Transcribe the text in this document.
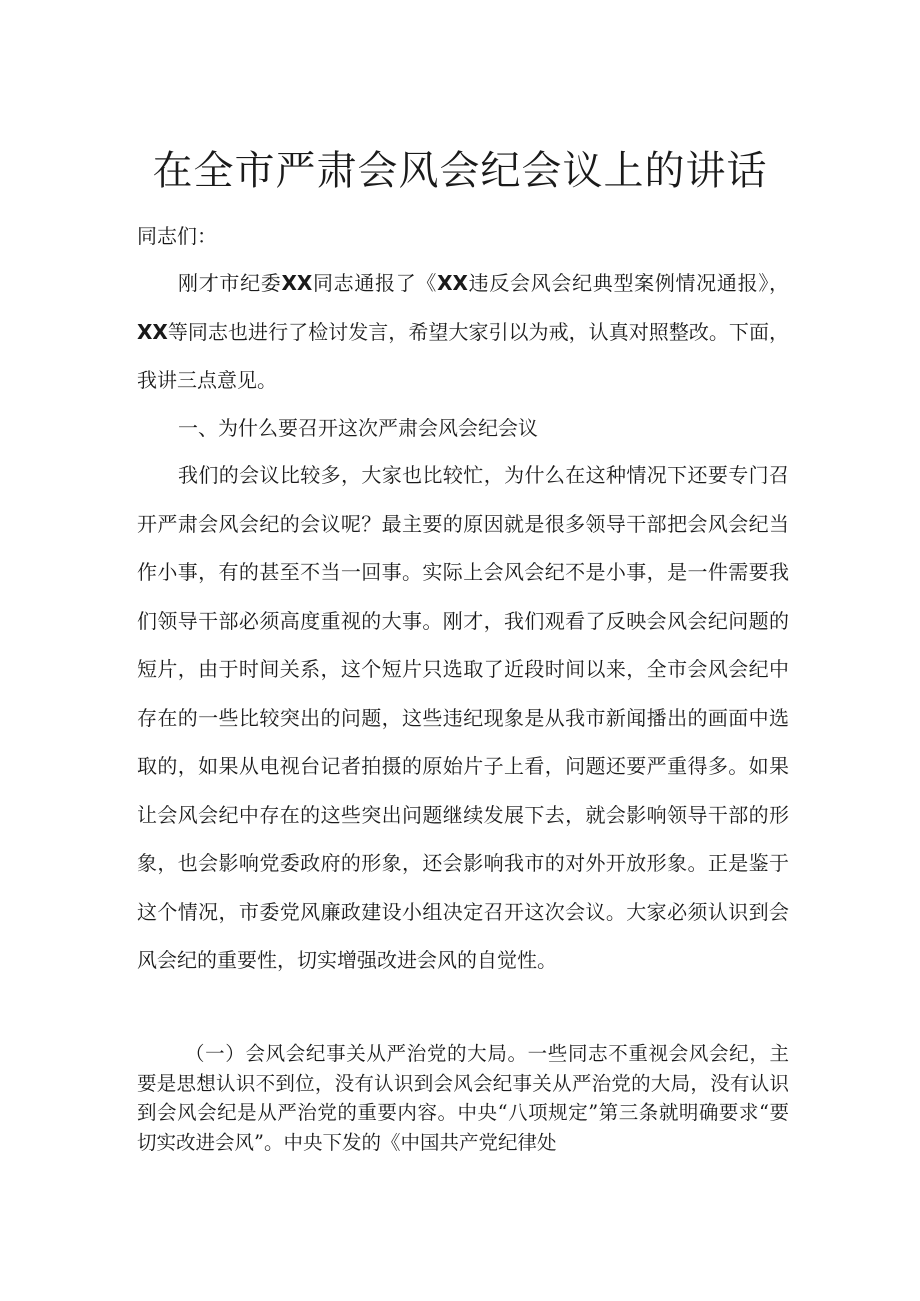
在全市严肃会风会纪会议上的讲话

同志们：

刚才市纪委XX同志通报了《XX违反会风会纪典型案例情况通报》，XX等同志也进行了检讨发言，希望大家引以为戒，认真对照整改。下面，我讲三点意见。

一、为什么要召开这次严肃会风会纪会议

我们的会议比较多，大家也比较忙，为什么在这种情况下还要专门召开严肃会风会纪的会议呢？最主要的原因就是很多领导干部把会风会纪当作小事，有的甚至不当一回事。实际上会风会纪不是小事，是一件需要我们领导干部必须高度重视的大事。刚才，我们观看了反映会风会纪问题的短片，由于时间关系，这个短片只选取了近段时间以来，全市会风会纪中存在的一些比较突出的问题，这些违纪现象是从我市新闻播出的画面中选取的，如果从电视台记者拍摄的原始片子上看，问题还要严重得多。如果让会风会纪中存在的这些突出问题继续发展下去，就会影响领导干部的形象，也会影响党委政府的形象，还会影响我市的对外开放形象。正是鉴于这个情况，市委党风廉政建设小组决定召开这次会议。大家必须认识到会风会纪的重要性，切实增强改进会风的自觉性。

（一）会风会纪事关从严治党的大局。一些同志不重视会风会纪，主要是思想认识不到位，没有认识到会风会纪事关从严治党的大局，没有认识到会风会纪是从严治党的重要内容。中央“八项规定”第三条就明确要求“要切实改进会风”。中央下发的《中国共产党纪律处
